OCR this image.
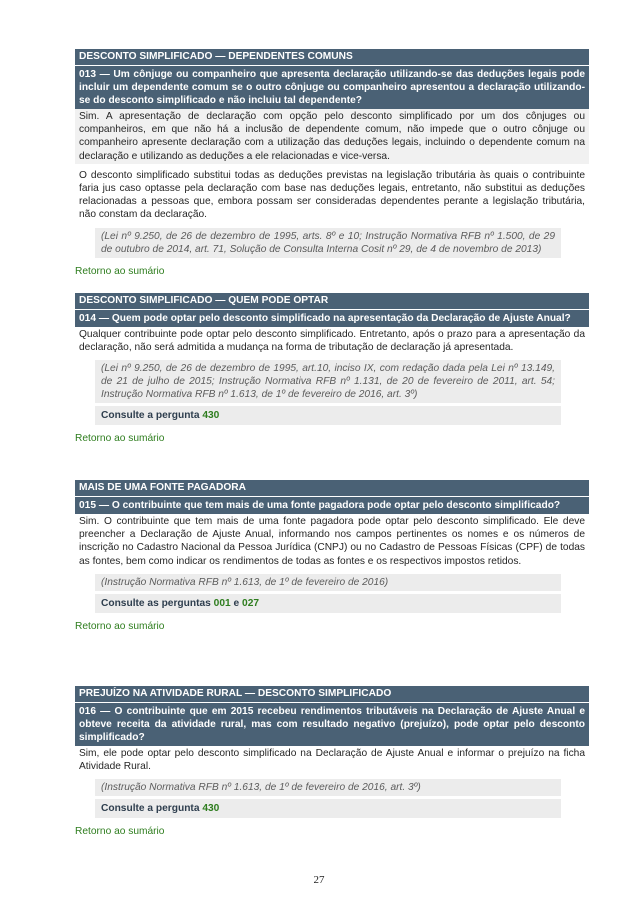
DESCONTO SIMPLIFICADO — DEPENDENTES COMUNS
013 — Um cônjuge ou companheiro que apresenta declaração utilizando-se das deduções legais pode incluir um dependente comum se o outro cônjuge ou companheiro apresentou a declaração utilizando-se do desconto simplificado e não incluiu tal dependente?
Sim. A apresentação de declaração com opção pelo desconto simplificado por um dos cônjuges ou companheiros, em que não há a inclusão de dependente comum, não impede que o outro cônjuge ou companheiro apresente declaração com a utilização das deduções legais, incluindo o dependente comum na declaração e utilizando as deduções a ele relacionadas e vice-versa.
O desconto simplificado substitui todas as deduções previstas na legislação tributária às quais o contribuinte faria jus caso optasse pela declaração com base nas deduções legais, entretanto, não substitui as deduções relacionadas a pessoas que, embora possam ser consideradas dependentes perante a legislação tributária, não constam da declaração.
(Lei nº 9.250, de 26 de dezembro de 1995, arts. 8º e 10; Instrução Normativa RFB nº 1.500, de 29 de outubro de 2014, art. 71, Solução de Consulta Interna Cosit nº 29, de 4 de novembro de 2013)
Retorno ao sumário
DESCONTO SIMPLIFICADO — QUEM PODE OPTAR
014 — Quem pode optar pelo desconto simplificado na apresentação da Declaração de Ajuste Anual?
Qualquer contribuinte pode optar pelo desconto simplificado. Entretanto, após o prazo para a apresentação da declaração, não será admitida a mudança na forma de tributação de declaração já apresentada.
(Lei nº 9.250, de 26 de dezembro de 1995, art.10, inciso IX, com redação dada pela Lei nº 13.149, de 21 de julho de 2015; Instrução Normativa RFB nº 1.131, de 20 de fevereiro de 2011, art. 54; Instrução Normativa RFB nº 1.613, de 1º de fevereiro de 2016, art. 3º)
Consulte a pergunta 430
Retorno ao sumário
MAIS DE UMA FONTE PAGADORA
015 — O contribuinte que tem mais de uma fonte pagadora pode optar pelo desconto simplificado?
Sim. O contribuinte que tem mais de uma fonte pagadora pode optar pelo desconto simplificado. Ele deve preencher a Declaração de Ajuste Anual, informando nos campos pertinentes os nomes e os números de inscrição no Cadastro Nacional da Pessoa Jurídica (CNPJ) ou no Cadastro de Pessoas Físicas (CPF) de todas as fontes, bem como indicar os rendimentos de todas as fontes e os respectivos impostos retidos.
(Instrução Normativa RFB nº 1.613, de 1º de fevereiro de 2016)
Consulte as perguntas 001 e 027
Retorno ao sumário
PREJUÍZO NA ATIVIDADE RURAL — DESCONTO SIMPLIFICADO
016 — O contribuinte que em 2015 recebeu rendimentos tributáveis na Declaração de Ajuste Anual e obteve receita da atividade rural, mas com resultado negativo (prejuízo), pode optar pelo desconto simplificado?
Sim, ele pode optar pelo desconto simplificado na Declaração de Ajuste Anual e informar o prejuízo na ficha Atividade Rural.
(Instrução Normativa RFB nº 1.613, de 1º de fevereiro de 2016, art. 3º)
Consulte a pergunta 430
Retorno ao sumário
27
